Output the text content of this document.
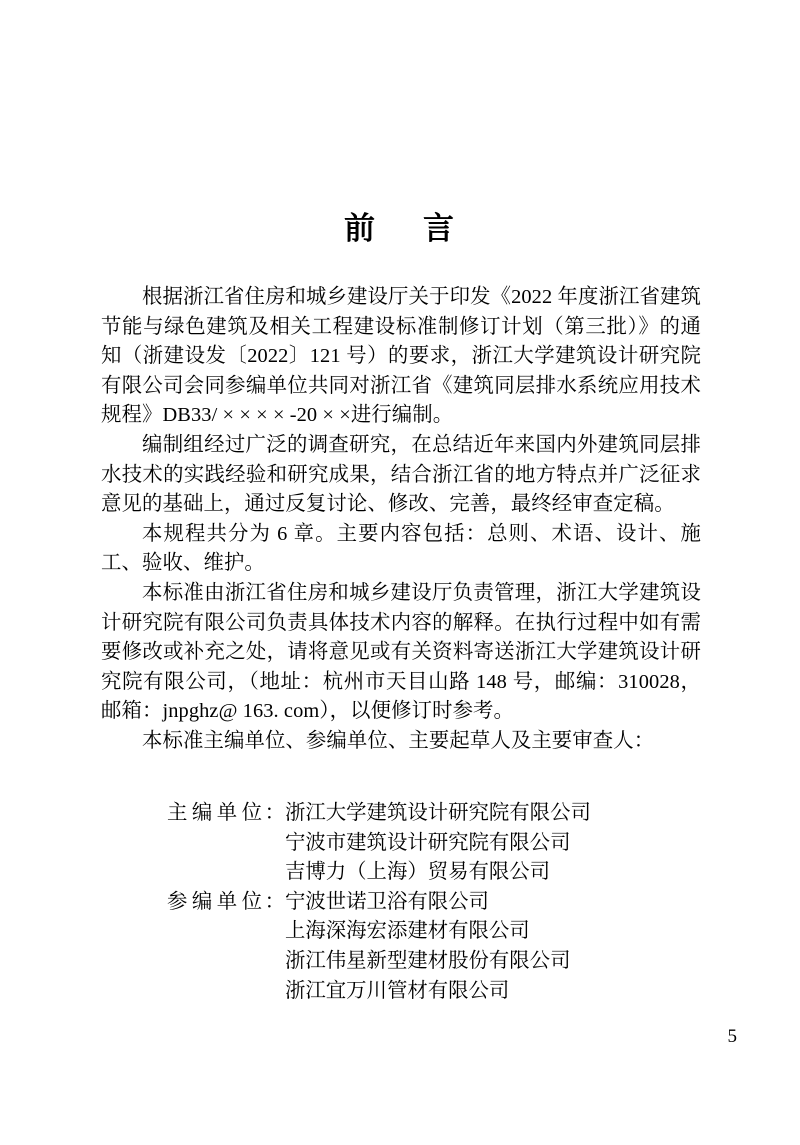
前 言

根据浙江省住房和城乡建设厅关于印发《2022 年度浙江省建筑节能与绿色建筑及相关工程建设标准制修订计划（第三批）》的通知（浙建设发〔2022〕121 号）的要求，浙江大学建筑设计研究院有限公司会同参编单位共同对浙江省《建筑同层排水系统应用技术规程》DB33/ × × × × -20 × ×进行编制。

编制组经过广泛的调查研究，在总结近年来国内外建筑同层排水技术的实践经验和研究成果，结合浙江省的地方特点并广泛征求意见的基础上，通过反复讨论、修改、完善，最终经审查定稿。

本规程共分为 6 章。主要内容包括：总则、术语、设计、施工、验收、维护。

本标准由浙江省住房和城乡建设厅负责管理，浙江大学建筑设计研究院有限公司负责具体技术内容的解释。在执行过程中如有需要修改或补充之处，请将意见或有关资料寄送浙江大学建筑设计研究院有限公司，（地址：杭州市天目山路 148 号，邮编：310028，邮箱：jnpghz@ 163. com），以便修订时参考。

本标准主编单位、参编单位、主要起草人及主要审查人：

主 编 单 位 ： 浙江大学建筑设计研究院有限公司
宁波市建筑设计研究院有限公司
吉博力（上海）贸易有限公司
参 编 单 位 ： 宁波世诺卫浴有限公司
上海深海宏添建材有限公司
浙江伟星新型建材股份有限公司
浙江宜万川管材有限公司
5
